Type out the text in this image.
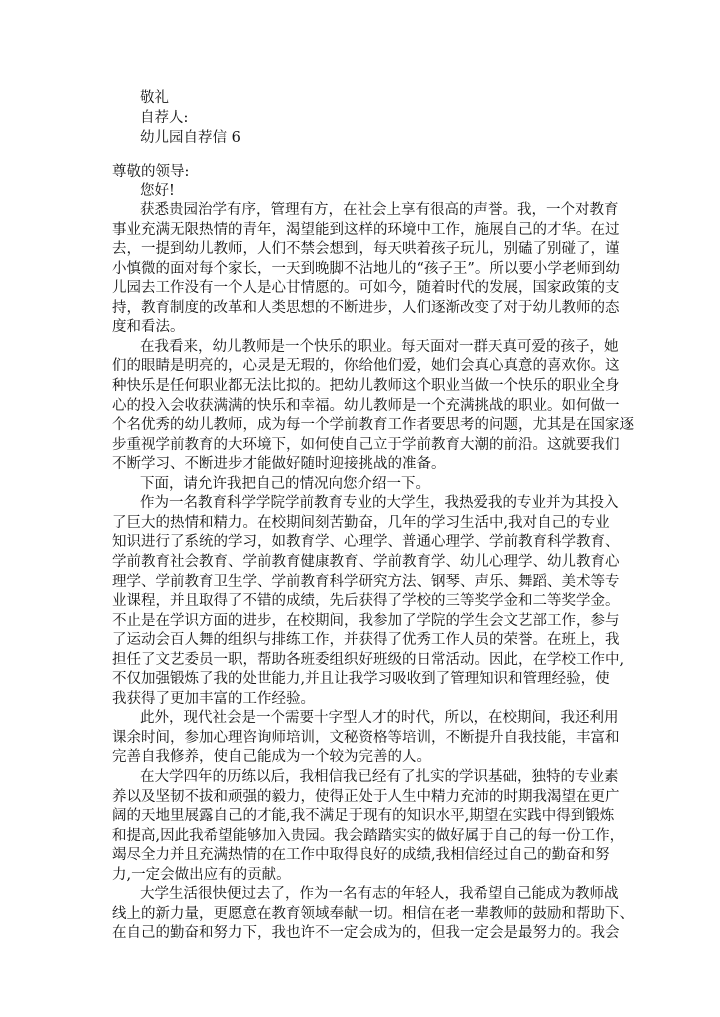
敬礼
自荐人:
幼儿园自荐信 6
尊敬的领导:
您好!
获悉贵园治学有序，管理有方，在社会上享有很高的声誉。我，一个对教育
事业充满无限热情的青年，渴望能到这样的环境中工作，施展自己的才华。在过
去，一提到幼儿教师，人们不禁会想到，每天哄着孩子玩儿，别磕了别碰了，谨
小慎微的面对每个家长，一天到晚脚不沾地儿的“孩子王”。所以要小学老师到幼
儿园去工作没有一个人是心甘情愿的。可如今，随着时代的发展，国家政策的支
持，教育制度的改革和人类思想的不断进步，人们逐渐改变了对于幼儿教师的态
度和看法。
在我看来，幼儿教师是一个快乐的职业。每天面对一群天真可爱的孩子，她
们的眼睛是明亮的，心灵是无瑕的，你给他们爱，她们会真心真意的喜欢你。这
种快乐是任何职业都无法比拟的。把幼儿教师这个职业当做一个快乐的职业全身
心的投入会收获满满的快乐和幸福。幼儿教师是一个充满挑战的职业。如何做一
个名优秀的幼儿教师，成为每一个学前教育工作者要思考的问题，尤其是在国家逐
步重视学前教育的大环境下，如何使自己立于学前教育大潮的前沿。这就要我们
不断学习、不断进步才能做好随时迎接挑战的准备。
下面，请允许我把自己的情况向您介绍一下。
作为一名教育科学学院学前教育专业的大学生，我热爱我的专业并为其投入
了巨大的热情和精力。在校期间刻苦勤奋，几年的学习生活中,我对自己的专业
知识进行了系统的学习，如教育学、心理学、普通心理学、学前教育科学教育、
学前教育社会教育、学前教育健康教育、学前教育学、幼儿心理学、幼儿教育心
理学、学前教育卫生学、学前教育科学研究方法、钢琴、声乐、舞蹈、美术等专
业课程，并且取得了不错的成绩，先后获得了学校的三等奖学金和二等奖学金。
不止是在学识方面的进步，在校期间，我参加了学院的学生会文艺部工作，参与
了运动会百人舞的组织与排练工作，并获得了优秀工作人员的荣誉。在班上，我
担任了文艺委员一职，帮助各班委组织好班级的日常活动。因此，在学校工作中,
不仅加强锻炼了我的处世能力,并且让我学习吸收到了管理知识和管理经验，使
我获得了更加丰富的工作经验。
此外，现代社会是一个需要十字型人才的时代，所以，在校期间，我还利用
课余时间，参加心理咨询师培训，文秘资格等培训，不断提升自我技能，丰富和
完善自我修养，使自己能成为一个较为完善的人。
在大学四年的历练以后，我相信我已经有了扎实的学识基础，独特的专业素
养以及坚韧不拔和顽强的毅力，使得正处于人生中精力充沛的时期我渴望在更广
阔的天地里展露自己的才能,我不满足于现有的知识水平,期望在实践中得到锻炼
和提高,因此我希望能够加入贵园。我会踏踏实实的做好属于自己的每一份工作，
竭尽全力并且充满热情的在工作中取得良好的成绩,我相信经过自己的勤奋和努
力,一定会做出应有的贡献。
大学生活很快便过去了，作为一名有志的年轻人，我希望自己能成为教师战
线上的新力量，更愿意在教育领域奉献一切。相信在老一辈教师的鼓励和帮助下、
在自己的勤奋和努力下，我也许不一定会成为的，但我一定会是最努力的。我会
